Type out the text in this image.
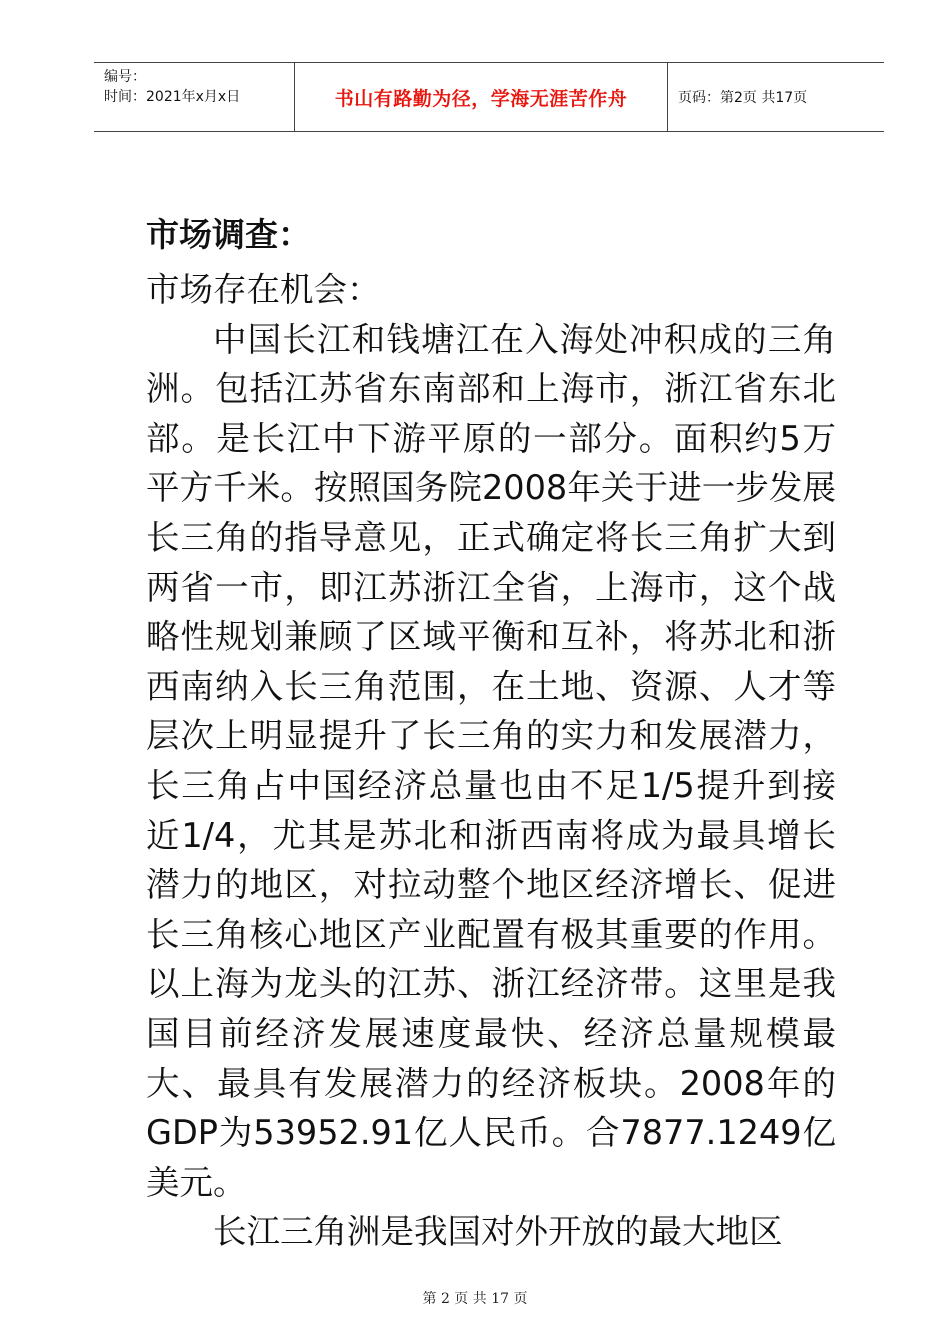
编号：
时间：2021年x月x日	书山有路勤为径，学海无涯苦作舟	页码：第2页 共17页

市场调查：

市场存在机会：

中国长江和钱塘江在入海处冲积成的三角洲。包括江苏省东南部和上海市，浙江省东北部。是长江中下游平原的一部分。面积约5万平方千米。按照国务院2008年关于进一步发展长三角的指导意见，正式确定将长三角扩大到两省一市，即江苏浙江全省，上海市，这个战略性规划兼顾了区域平衡和互补，将苏北和浙西南纳入长三角范围，在土地、资源、人才等层次上明显提升了长三角的实力和发展潜力，长三角占中国经济总量也由不足1/5提升到接近1/4，尤其是苏北和浙西南将成为最具增长潜力的地区，对拉动整个地区经济增长、促进长三角核心地区产业配置有极其重要的作用。以上海为龙头的江苏、浙江经济带。这里是我国目前经济发展速度最快、经济总量规模最大、最具有发展潜力的经济板块。2008年的GDP为53952.91亿人民币。合7877.1249亿美元。

长江三角洲是我国对外开放的最大地区

第 2 页 共 17 页
